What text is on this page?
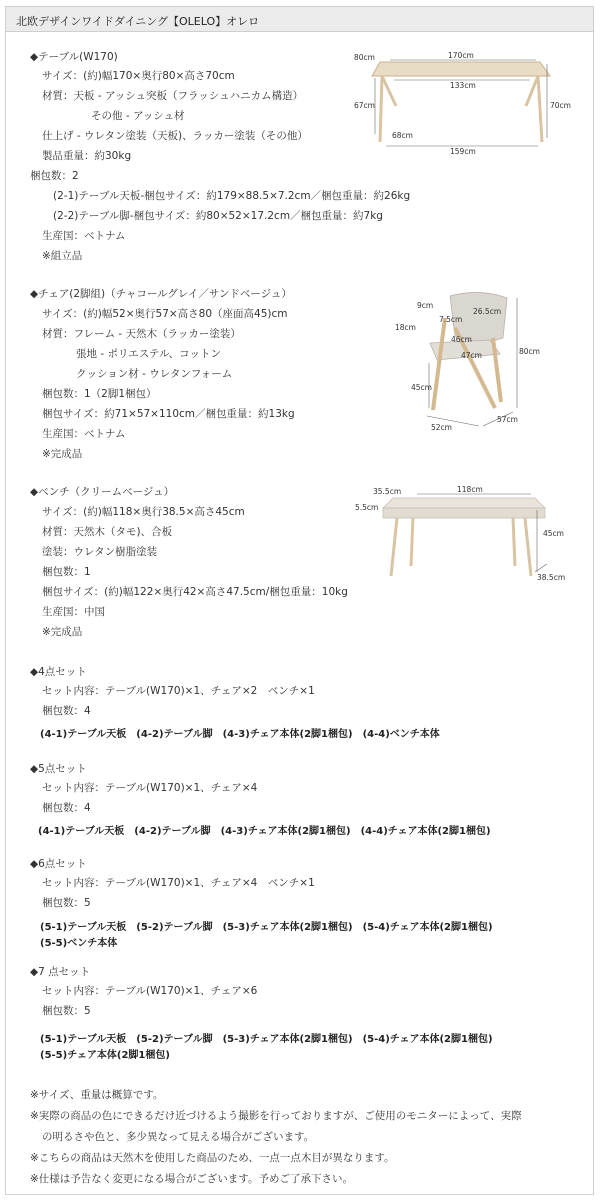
北欧デザインワイドダイニング【OLELO】オレロ
◆テーブル(W170)
サイズ：(約)幅170×奥行80×高さ70cm
材質：天板 - アッシュ突板（フラッシュハニカム構造）
その他 - アッシュ材
仕上げ - ウレタン塗装（天板)、ラッカー塗装（その他）
製品重量：約30kg
梱包数：2
(2-1)テーブル天板-梱包サイズ：約179×88.5×7.2cm／梱包重量：約26kg
(2-2)テーブル脚-梱包サイズ：約80×52×17.2cm／梱包重量：約7kg
生産国：ベトナム
※組立品
80cm	170cm
133cm
67cm	70cm
68cm
159cm
◆チェア(2脚組)（チャコールグレイ／サンドベージュ）
サイズ：(約)幅52×奥行57×高さ80（座面高45)cm
材質：フレーム - 天然木（ラッカー塗装）
張地 - ポリエステル、コットン
クッション材 - ウレタンフォーム
梱包数：1（2脚1梱包）
梱包サイズ：約71×57×110cm／梱包重量：約13kg
生産国：ベトナム
※完成品
9cm
26.5cm
18cm
7.5cm
46cm
47cm	80cm
45cm
52cm
57cm
◆ベンチ（クリームベージュ）
サイズ：(約)幅118×奥行38.5×高さ45cm
材質：天然木（タモ)、合板
塗装：ウレタン樹脂塗装
梱包数：1
梱包サイズ：(約)幅122×奥行42×高さ47.5cm/梱包重量：10kg
生産国：中国
※完成品
35.5cm	118cm
5.5cm
45cm
38.5cm
◆4点セット
セット内容：テーブル(W170)×1、チェア×2　ベンチ×1
梱包数：4
(4-1)テーブル天板　(4-2)テーブル脚　(4-3)チェア本体(2脚1梱包)　(4-4)ベンチ本体
◆5点セット
セット内容：テーブル(W170)×1、チェア×4
梱包数：4
(4-1)テーブル天板　(4-2)テーブル脚　(4-3)チェア本体(2脚1梱包)　(4-4)チェア本体(2脚1梱包)
◆6点セット
セット内容：テーブル(W170)×1、チェア×4　ベンチ×1
梱包数：5
(5-1)テーブル天板　(5-2)テーブル脚　(5-3)チェア本体(2脚1梱包)　(5-4)チェア本体(2脚1梱包)
(5-5)ベンチ本体
◆7 点セット
セット内容：テーブル(W170)×1、チェア×6
梱包数：5
(5-1)テーブル天板　(5-2)テーブル脚　(5-3)チェア本体(2脚1梱包)　(5-4)チェア本体(2脚1梱包)
(5-5)チェア本体(2脚1梱包)
※サイズ、重量は概算です。
※実際の商品の色にできるだけ近づけるよう撮影を行っておりますが、ご使用のモニターによって、実際
の明るさや色と、多少異なって見える場合がございます。
※こちらの商品は天然木を使用した商品のため、一点一点木目が異なります。
※仕様は予告なく変更になる場合がございます。予めご了承下さい。
